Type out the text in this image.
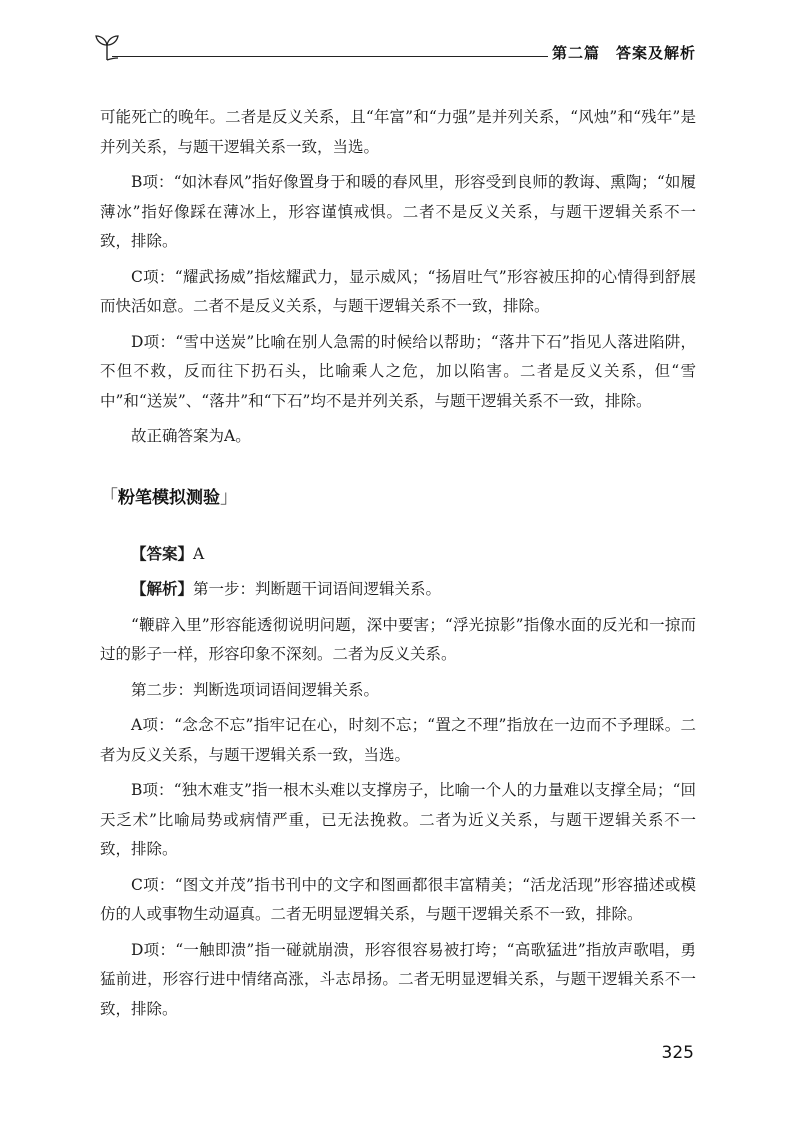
第二篇　答案及解析

可能死亡的晚年。二者是反义关系，且“年富”和“力强”是并列关系，“风烛”和“残年”是并列关系，与题干逻辑关系一致，当选。

B项：“如沐春风”指好像置身于和暖的春风里，形容受到良师的教诲、熏陶；“如履薄冰”指好像踩在薄冰上，形容谨慎戒惧。二者不是反义关系，与题干逻辑关系不一致，排除。

C项：“耀武扬威”指炫耀武力，显示威风；“扬眉吐气”形容被压抑的心情得到舒展而快活如意。二者不是反义关系，与题干逻辑关系不一致，排除。

D项：“雪中送炭”比喻在别人急需的时候给以帮助；“落井下石”指见人落进陷阱，不但不救，反而往下扔石头，比喻乘人之危，加以陷害。二者是反义关系，但“雪中”和“送炭”、“落井”和“下石”均不是并列关系，与题干逻辑关系不一致，排除。

故正确答案为A。

「粉笔模拟测验」

【答案】A

【解析】第一步：判断题干词语间逻辑关系。

“鞭辟入里”形容能透彻说明问题，深中要害；“浮光掠影”指像水面的反光和一掠而过的影子一样，形容印象不深刻。二者为反义关系。

第二步：判断选项词语间逻辑关系。

A项：“念念不忘”指牢记在心，时刻不忘；“置之不理”指放在一边而不予理睬。二者为反义关系，与题干逻辑关系一致，当选。

B项：“独木难支”指一根木头难以支撑房子，比喻一个人的力量难以支撑全局；“回天乏术”比喻局势或病情严重，已无法挽救。二者为近义关系，与题干逻辑关系不一致，排除。

C项：“图文并茂”指书刊中的文字和图画都很丰富精美；“活龙活现”形容描述或模仿的人或事物生动逼真。二者无明显逻辑关系，与题干逻辑关系不一致，排除。

D项：“一触即溃”指一碰就崩溃，形容很容易被打垮；“高歌猛进”指放声歌唱，勇猛前进，形容行进中情绪高涨，斗志昂扬。二者无明显逻辑关系，与题干逻辑关系不一致，排除。

325
